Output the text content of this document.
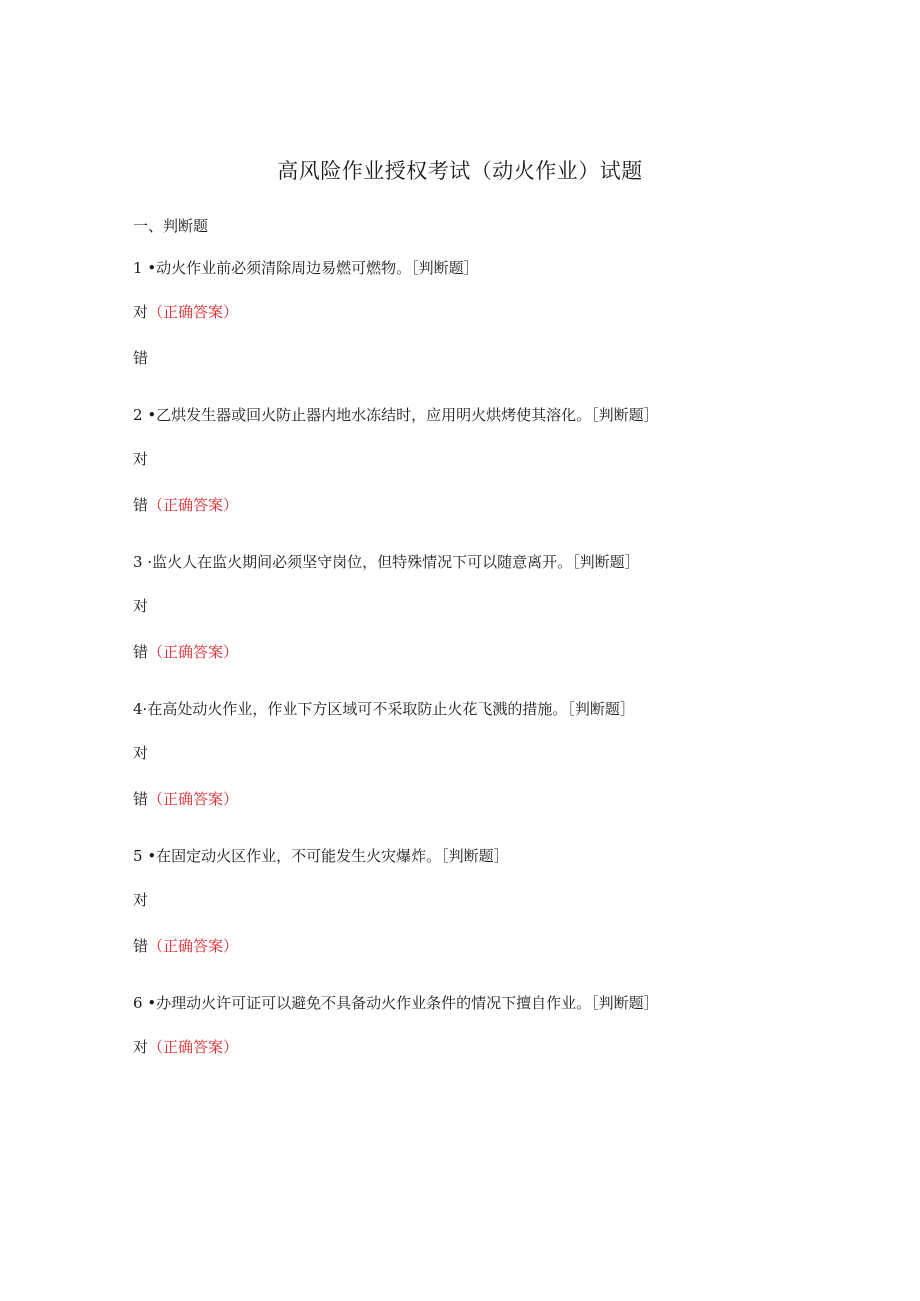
高风险作业授权考试（动火作业）试题
一、判断题
1 •动火作业前必须清除周边易燃可燃物。［判断题］
对（正确答案）
错
2 •乙烘发生器或回火防止器内地水冻结时，应用明火烘烤使其溶化。［判断题］
对
错（正确答案）
3 ·监火人在监火期间必须坚守岗位，但特殊情况下可以随意离开。［判断题］
对
错（正确答案）
4·在高处动火作业，作业下方区域可不采取防止火花飞溅的措施。［判断题］
对
错（正确答案）
5 •在固定动火区作业，不可能发生火灾爆炸。［判断题］
对
错（正确答案）
6 •办理动火许可证可以避免不具备动火作业条件的情况下擅自作业。［判断题］
对（正确答案）
